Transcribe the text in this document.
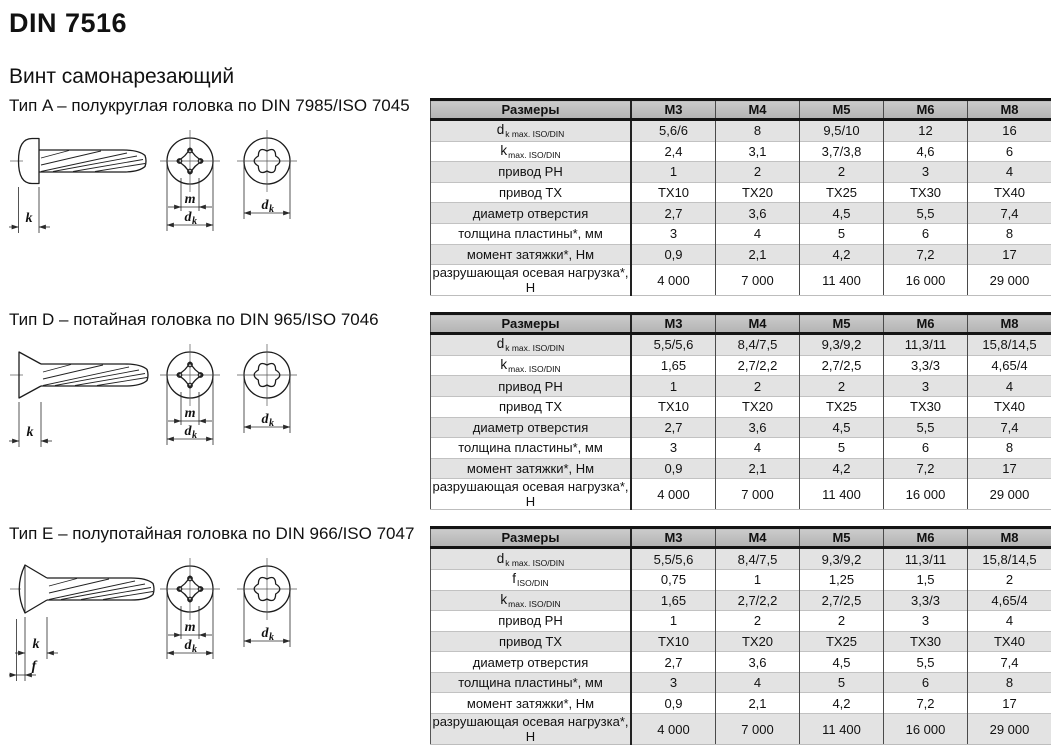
DIN 7516
Винт самонарезающий
Тип A – полукруглая головка по DIN 7985/ISO 7045
k
Размеры	M3	M4	M5	M6	M8
$d_{k max. ISO/DIN}$	5,6/6	8	9,5/10	12	16
$k_{max. ISO/DIN}$	2,4	3,1	3,7/3,8	4,6	6
привод PH	1	2	2	3	4
привод TX	TX10	TX20	TX25	TX30	TX40
диаметр отверстия	2,7	3,6	4,5	5,5	7,4
толщина пластины*, мм	3	4	5	6	8
момент затяжки*, Нм	0,9	2,1	4,2	7,2	17
разрушающая осевая нагрузка*, Н	4 000	7 000	11 400	16 000	29 000
Тип D – потайная головка по DIN 965/ISO 7046
k
Размеры	M3	M4	M5	M6	M8
$d_{k max. ISO/DIN}$	5,5/5,6	8,4/7,5	9,3/9,2	11,3/11	15,8/14,5
$k_{max. ISO/DIN}$	1,65	2,7/2,2	2,7/2,5	3,3/3	4,65/4
привод PH	1	2	2	3	4
привод TX	TX10	TX20	TX25	TX30	TX40
диаметр отверстия	2,7	3,6	4,5	5,5	7,4
толщина пластины*, мм	3	4	5	6	8
момент затяжки*, Нм	0,9	2,1	4,2	7,2	17
разрушающая осевая нагрузка*, Н	4 000	7 000	11 400	16 000	29 000
Тип E – полупотайная головка по DIN 966/ISO 7047
k
f
Размеры	M3	M4	M5	M6	M8
$d_{k max. ISO/DIN}$	5,5/5,6	8,4/7,5	9,3/9,2	11,3/11	15,8/14,5
$f_{ISO/DIN}$	0,75	1	1,25	1,5	2
$k_{max. ISO/DIN}$	1,65	2,7/2,2	2,7/2,5	3,3/3	4,65/4
привод PH	1	2	2	3	4
привод TX	TX10	TX20	TX25	TX30	TX40
диаметр отверстия	2,7	3,6	4,5	5,5	7,4
толщина пластины*, мм	3	4	5	6	8
момент затяжки*, Нм	0,9	2,1	4,2	7,2	17
разрушающая осевая нагрузка*, Н	4 000	7 000	11 400	16 000	29 000
